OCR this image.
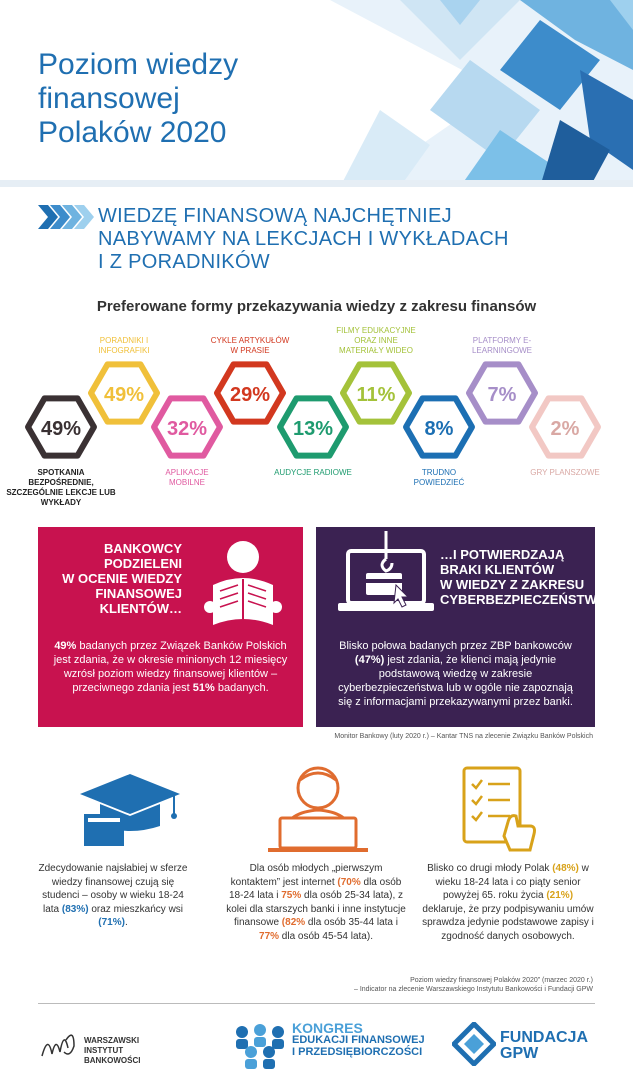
Poziom wiedzy
finansowej
Polaków 2020
WIEDZĘ FINANSOWĄ NAJCHĘTNIEJ
NABYWAMY NA LEKCJACH I WYKŁADACH
I Z PORADNIKÓW
Preferowane formy przekazywania wiedzy z zakresu finansów
49%
49%
32%
29%
13%
11%
8%
7%
2%
SPOTKANIA BEZPOŚREDNIE, SZCZEGÓLNIE LEKCJE LUB WYKŁADY
PORADNIKI I INFOGRAFIKI
APLIKACJE MOBILNE
CYKLE ARTYKUŁÓW W PRASIE
AUDYCJE RADIOWE
FILMY EDUKACYJNE ORAZ INNE MATERIAŁY WIDEO
TRUDNO POWIEDZIEĆ
PLATFORMY E-LEARNINGOWE
GRY PLANSZOWE
BANKOWCY
PODZIELENI
W OCENIE WIEDZY
FINANSOWEJ
KLIENTÓW…
49% badanych przez Związek Banków Polskich jest zdania, że w okresie minionych 12 miesięcy wzrósł poziom wiedzy finansowej klientów – przeciwnego zdania jest 51% badanych.
…I POTWIERDZAJĄ
BRAKI KLIENTÓW
W WIEDZY Z ZAKRESU
CYBERBEZPIECZEŃSTWA
Blisko połowa badanych przez ZBP bankowców (47%) jest zdania, że klienci mają jedynie podstawową wiedzę w zakresie cyberbezpieczeństwa lub w ogóle nie zapoznają się z informacjami przekazywanymi przez banki.
Monitor Bankowy (luty 2020 r.) – Kantar TNS na zlecenie Związku Banków Polskich
Zdecydowanie najsłabiej w sferze wiedzy finansowej czują się studenci – osoby w wieku 18-24 lata (83%) oraz mieszkańcy wsi (71%).
Dla osób młodych „pierwszym kontaktem” jest internet (70% dla osób 18-24 lata i 75% dla osób 25-34 lata), z kolei dla starszych banki i inne instytucje finansowe (82% dla osób 35-44 lata i 77% dla osób 45-54 lata).
Blisko co drugi młody Polak (48%) w wieku 18-24 lata i co piąty senior powyżej 65. roku życia (21%) deklaruje, że przy podpisywaniu umów sprawdza jedynie podstawowe zapisy i zgodność danych osobowych.
Poziom wiedzy finansowej Polaków 2020” (marzec 2020 r.)
– Indicator na zlecenie Warszawskiego Instytutu Bankowości i Fundacji GPW
WARSZAWSKI
INSTYTUT
BANKOWOŚCI
KONGRES
EDUKACJI FINANSOWEJ
I PRZEDSIĘBIORCZOŚCI
FUNDACJA
GPW
